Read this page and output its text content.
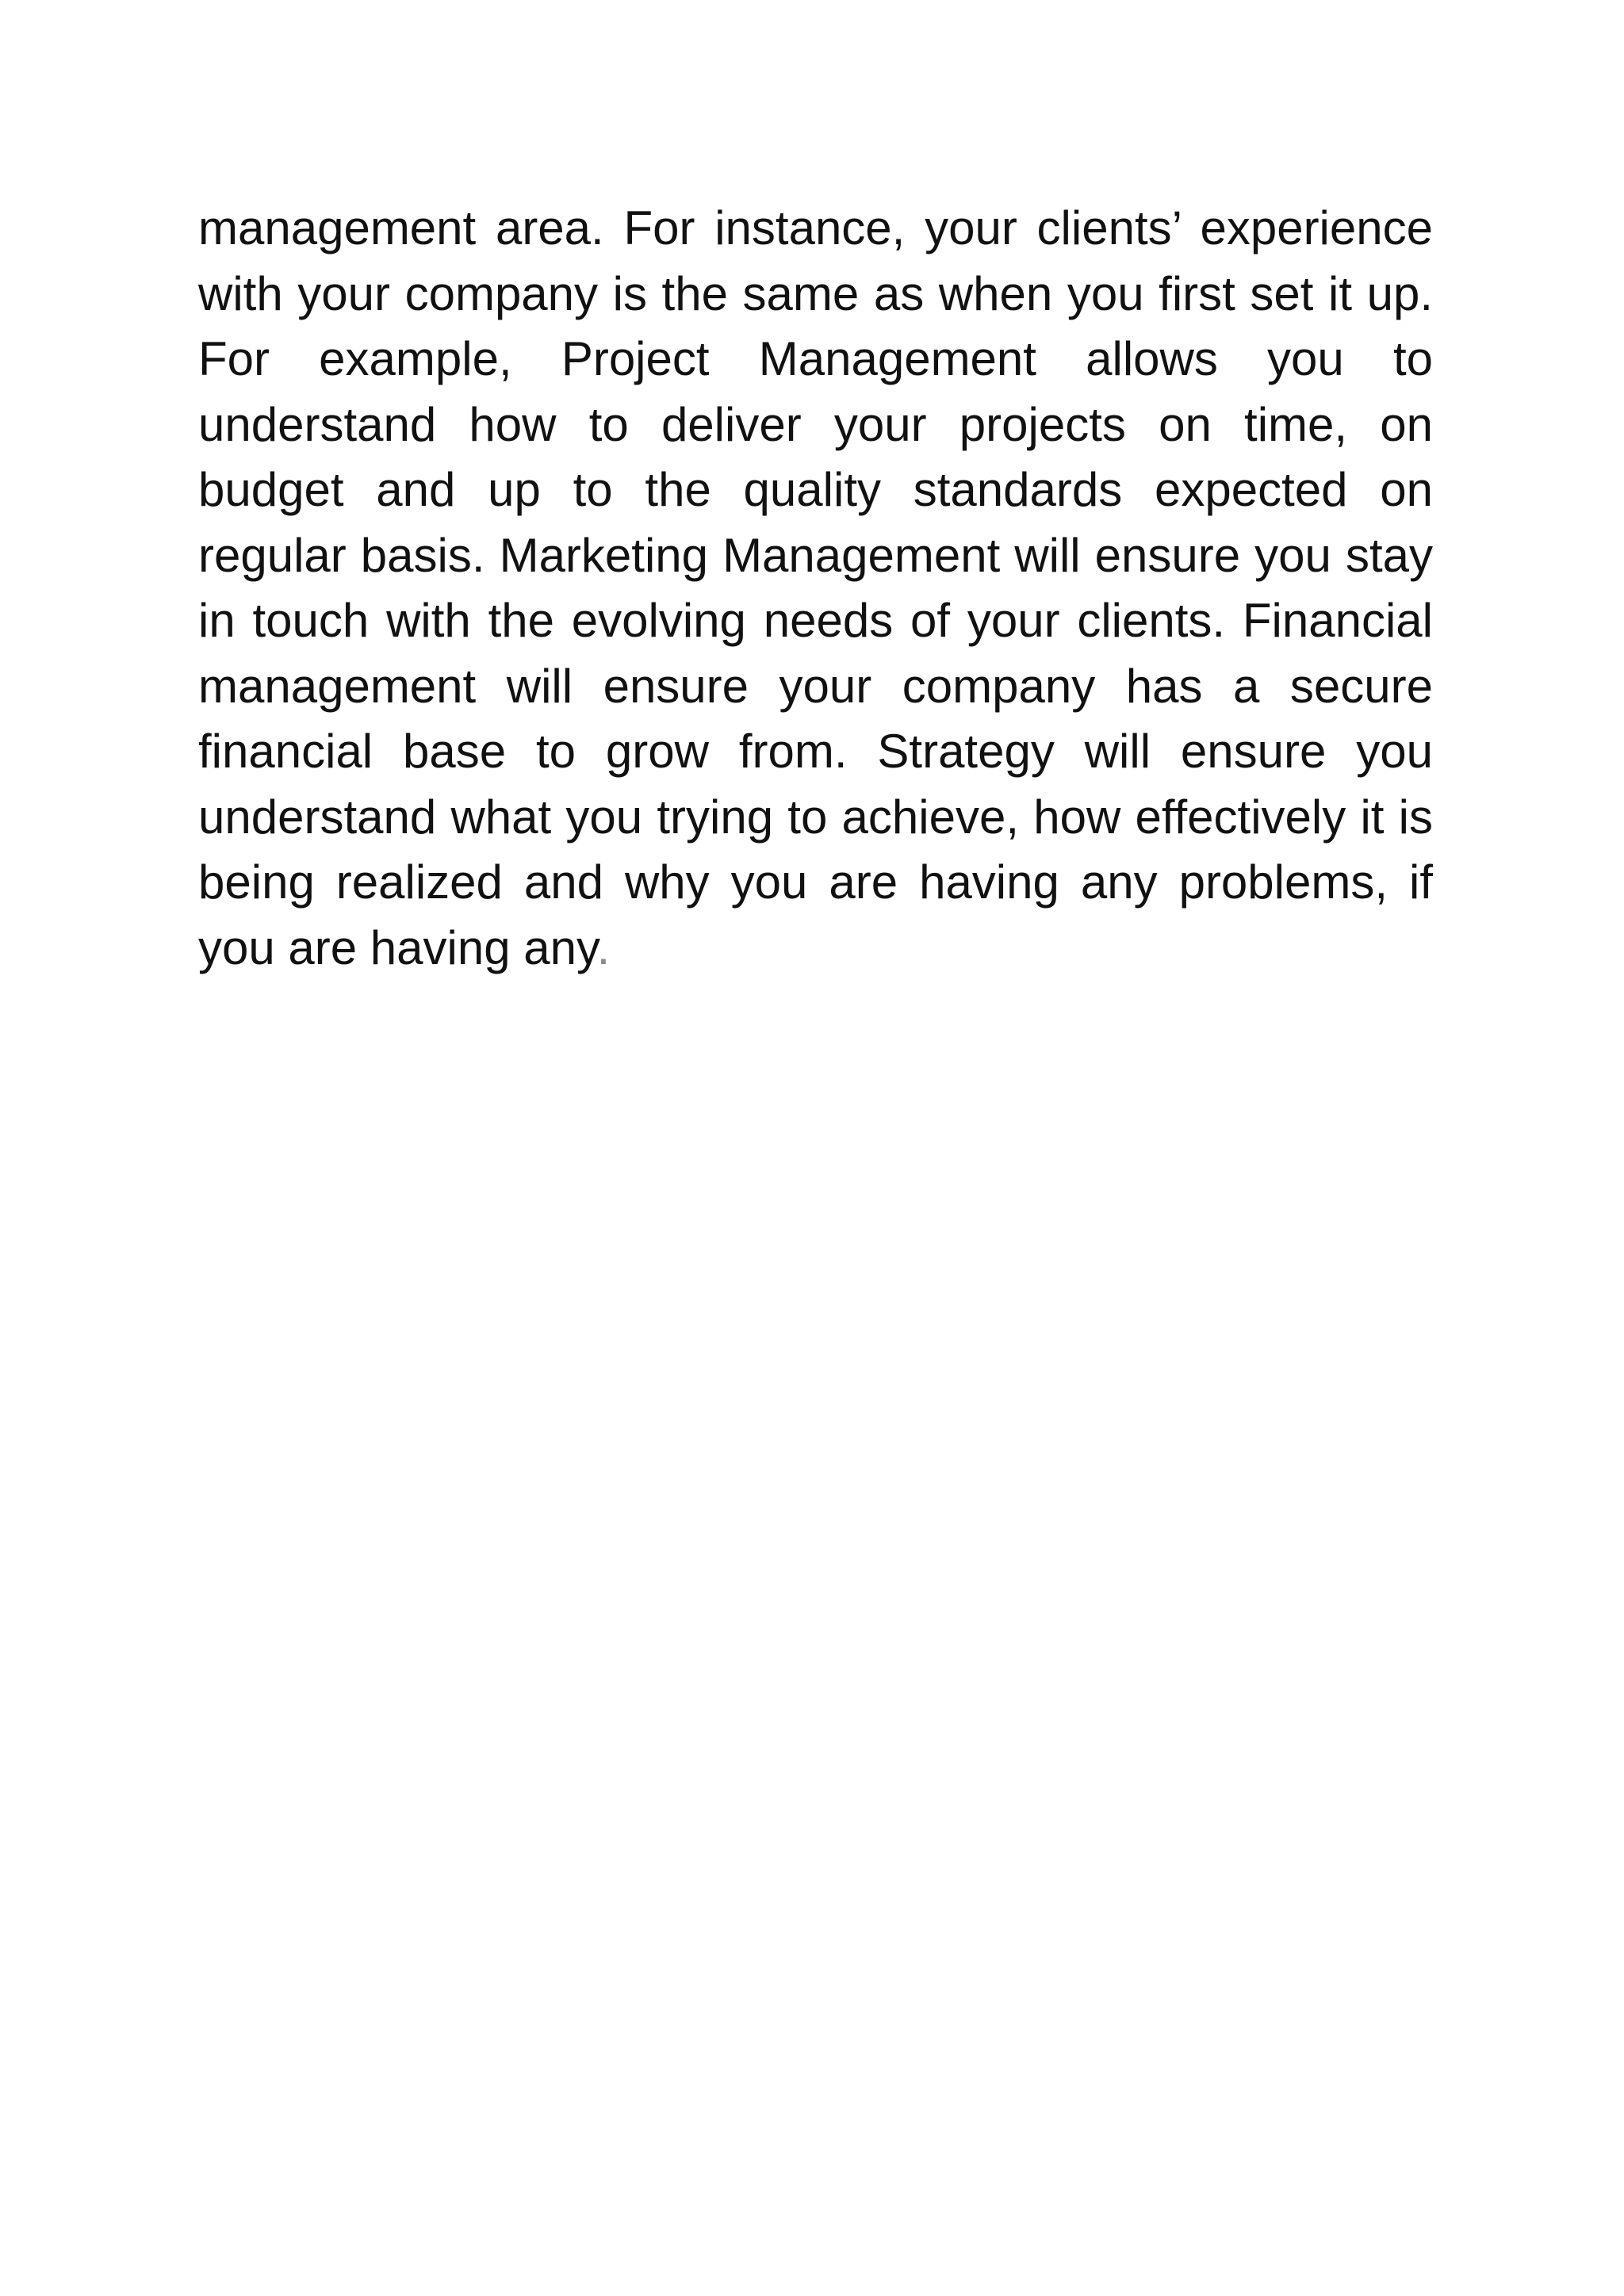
management area. For instance, your clients’ experience with your company is the same as when you first set it up. For example, Project Management allows you to understand how to deliver your projects on time, on budget and up to the quality standards expected on regular basis. Marketing Management will ensure you stay in touch with the evolving needs of your clients. Financial management will ensure your company has a secure financial base to grow from. Strategy will ensure you understand what you trying to achieve, how effectively it is being realized and why you are having any problems, if you are having any.
